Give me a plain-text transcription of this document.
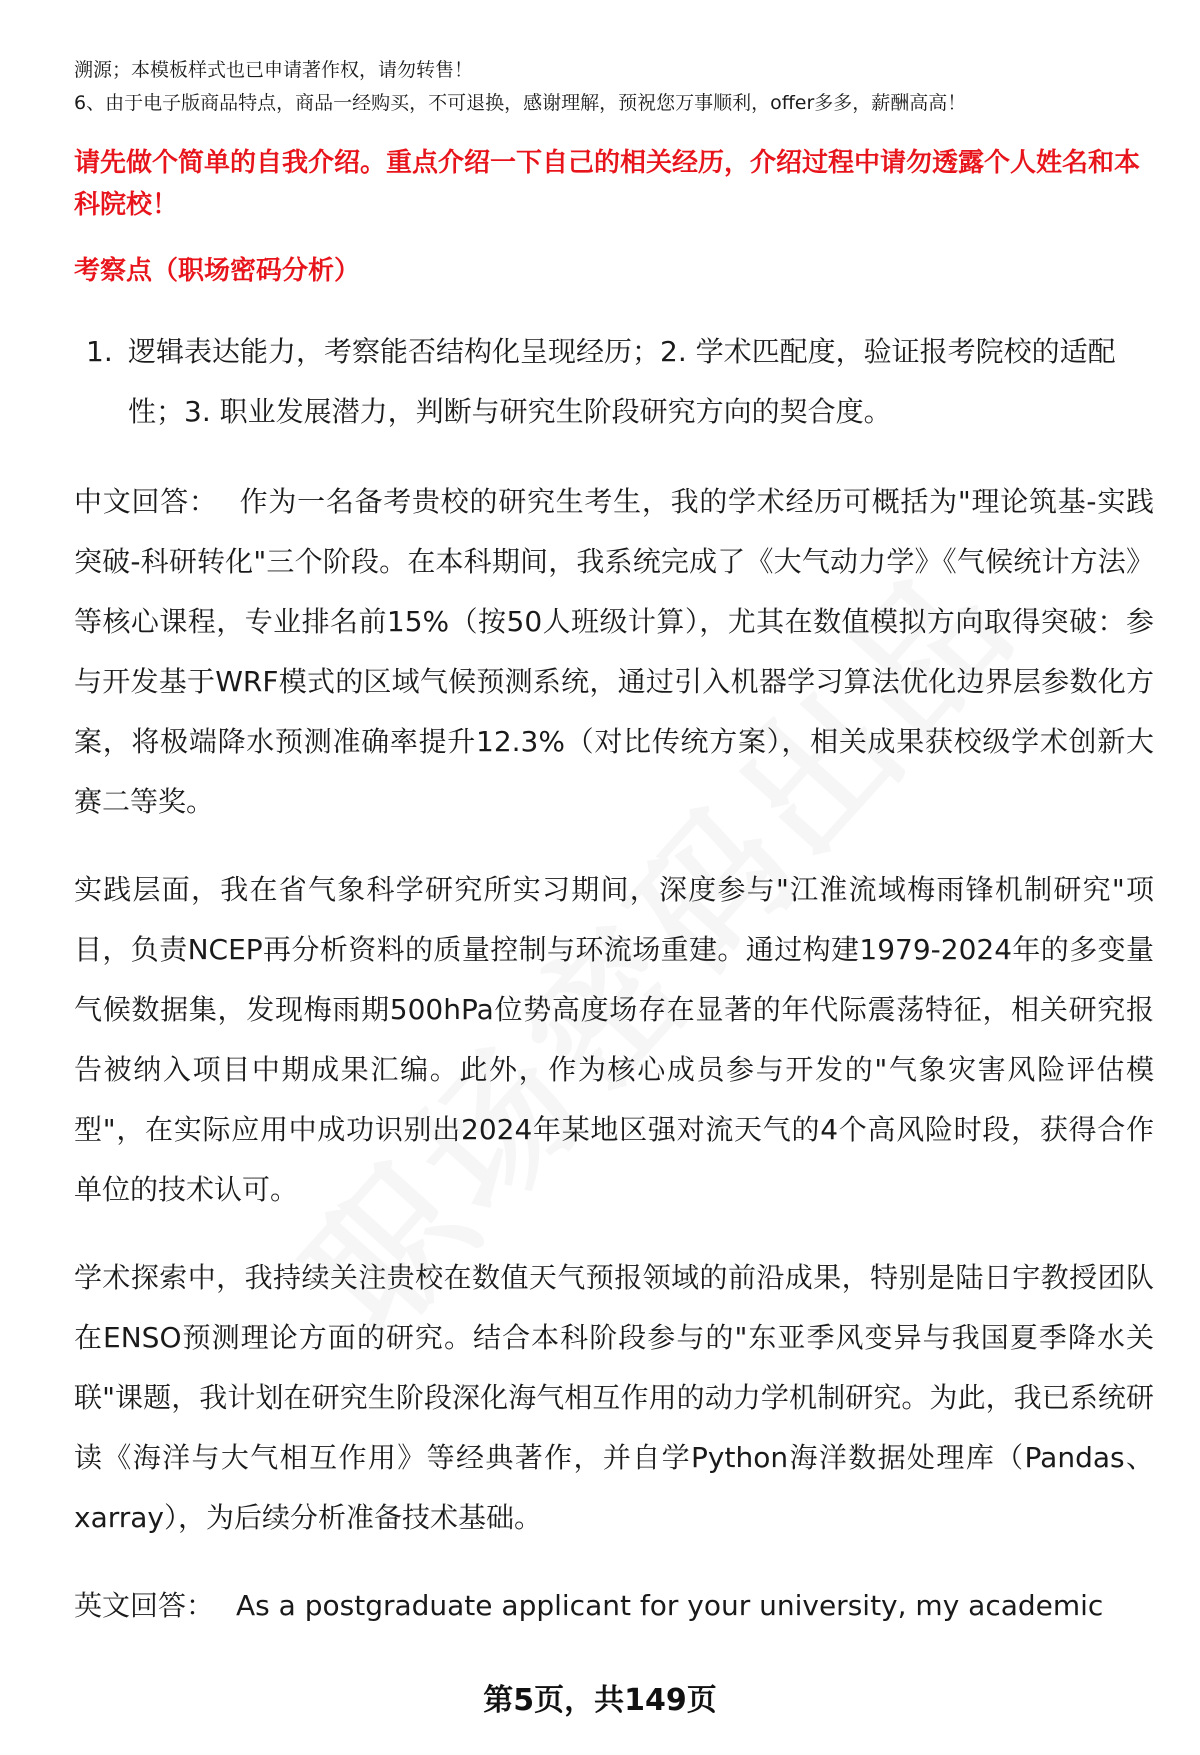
溯源；本模板样式也已申请著作权，请勿转售！

6、由于电子版商品特点，商品一经购买，不可退换，感谢理解，预祝您万事顺利，offer多多，薪酬高高！

请先做个简单的自我介绍。重点介绍一下自己的相关经历，介绍过程中请勿透露个人姓名和本科院校！

考察点（职场密码分析）

1. 逻辑表达能力，考察能否结构化呈现经历；2. 学术匹配度，验证报考院校的适配性；3. 职业发展潜力，判断与研究生阶段研究方向的契合度。

中文回答： 作为一名备考贵校的研究生考生，我的学术经历可概括为"理论筑基-实践突破-科研转化"三个阶段。在本科期间，我系统完成了《大气动力学》《气候统计方法》等核心课程，专业排名前15%（按50人班级计算），尤其在数值模拟方向取得突破：参与开发基于WRF模式的区域气候预测系统，通过引入机器学习算法优化边界层参数化方案，将极端降水预测准确率提升12.3%（对比传统方案），相关成果获校级学术创新大赛二等奖。

实践层面，我在省气象科学研究所实习期间，深度参与"江淮流域梅雨锋机制研究"项目，负责NCEP再分析资料的质量控制与环流场重建。通过构建1979-2024年的多变量气候数据集，发现梅雨期500hPa位势高度场存在显著的年代际震荡特征，相关研究报告被纳入项目中期成果汇编。此外，作为核心成员参与开发的"气象灾害风险评估模型"，在实际应用中成功识别出2024年某地区强对流天气的4个高风险时段，获得合作单位的技术认可。

学术探索中，我持续关注贵校在数值天气预报领域的前沿成果，特别是陆日宇教授团队在ENSO预测理论方面的研究。结合本科阶段参与的"东亚季风变异与我国夏季降水关联"课题，我计划在研究生阶段深化海气相互作用的动力学机制研究。为此，我已系统研读《海洋与大气相互作用》等经典著作，并自学Python海洋数据处理库（Pandas、xarray），为后续分析准备技术基础。

英文回答： As a postgraduate applicant for your university, my academic

第5页，共149页
